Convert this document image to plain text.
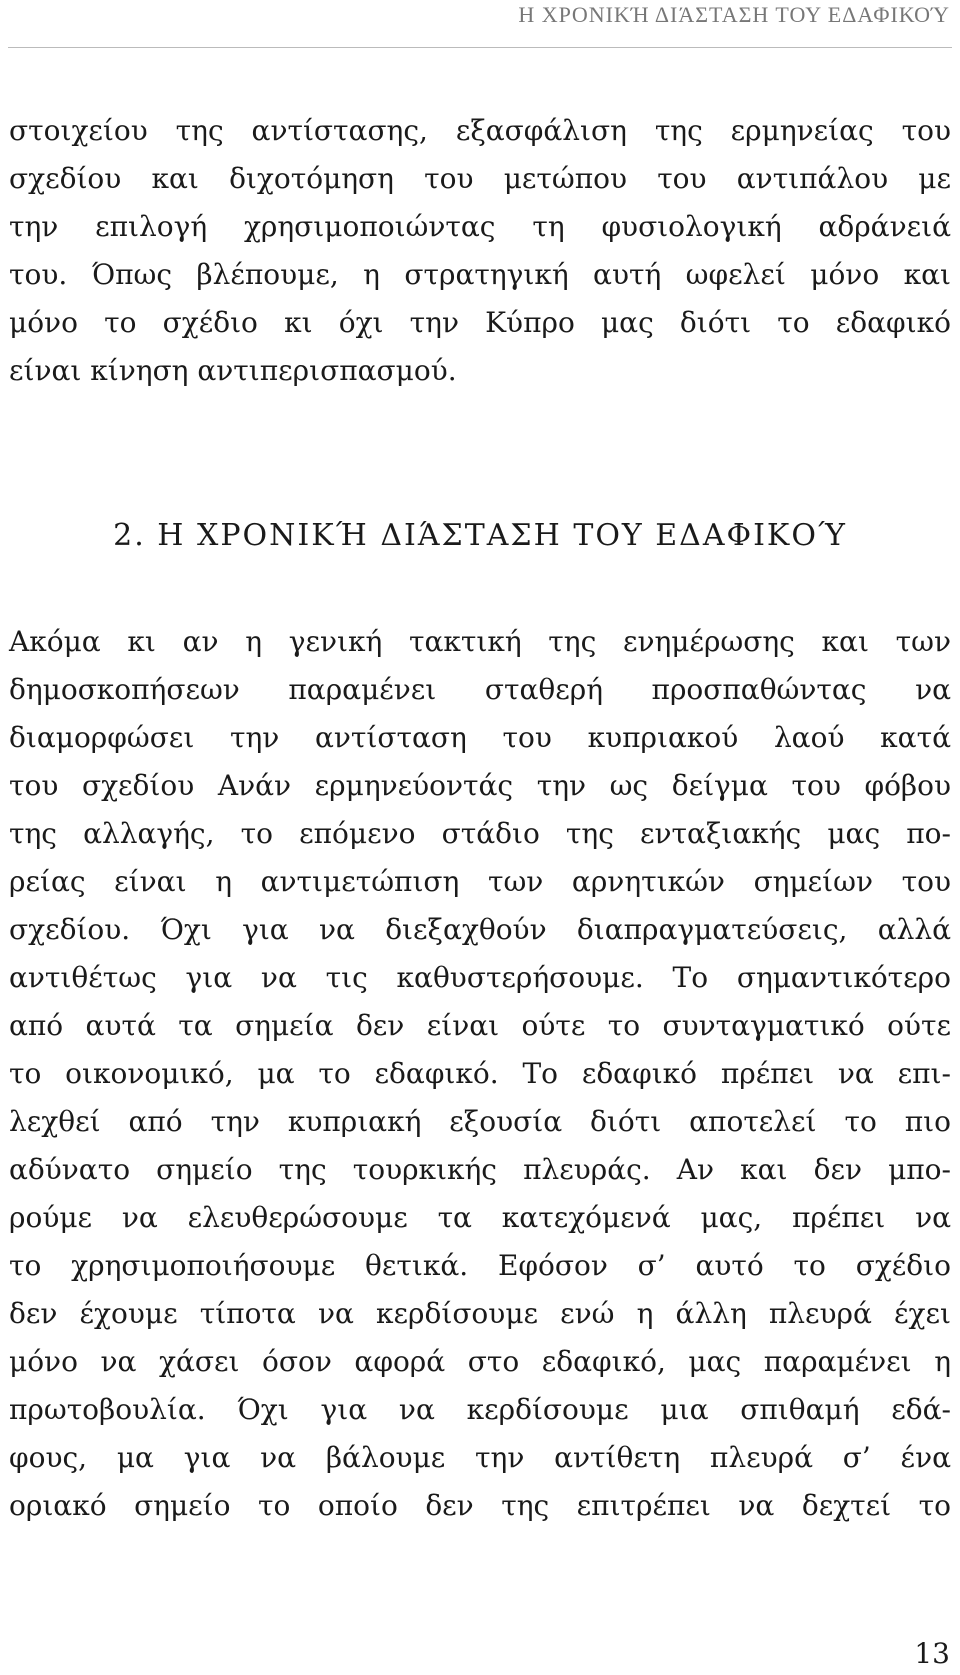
Η ΧΡΟΝΙΚΉ ΔΙΆΣΤΑΣΗ ΤΟΥ ΕΔΑΦΙΚΟΎ
στοιχείου της αντίστασης, εξασφάλιση της ερμηνείας του
σχεδίου και διχοτόμηση του μετώπου του αντιπάλου με
την επιλογή χρησιμοποιώντας τη φυσιολογική αδράνειά
του. Όπως βλέπουμε, η στρατηγική αυτή ωφελεί μόνο και
μόνο το σχέδιο κι όχι την Κύπρο μας διότι το εδαφικό
είναι κίνηση αντιπερισπασμού.
2. Η ΧΡΟΝΙΚΉ ΔΙΆΣΤΑΣΗ ΤΟΥ ΕΔΑΦΙΚΟΎ
Ακόμα κι αν η γενική τακτική της ενημέρωσης και των
δημοσκοπήσεων παραμένει σταθερή προσπαθώντας να
διαμορφώσει την αντίσταση του κυπριακού λαού κατά
του σχεδίου Ανάν ερμηνεύοντάς την ως δείγμα του φόβου
της αλλαγής, το επόμενο στάδιο της ενταξιακής μας πο-
ρείας είναι η αντιμετώπιση των αρνητικών σημείων του
σχεδίου. Όχι για να διεξαχθούν διαπραγματεύσεις, αλλά
αντιθέτως για να τις καθυστερήσουμε. Το σημαντικότερο
από αυτά τα σημεία δεν είναι ούτε το συνταγματικό ούτε
το οικονομικό, μα το εδαφικό. Το εδαφικό πρέπει να επι-
λεχθεί από την κυπριακή εξουσία διότι αποτελεί το πιο
αδύνατο σημείο της τουρκικής πλευράς. Αν και δεν μπο-
ρούμε να ελευθερώσουμε τα κατεχόμενά μας, πρέπει να
το χρησιμοποιήσουμε θετικά. Εφόσον σ’ αυτό το σχέδιο
δεν έχουμε τίποτα να κερδίσουμε ενώ η άλλη πλευρά έχει
μόνο να χάσει όσον αφορά στο εδαφικό, μας παραμένει η
πρωτοβουλία. Όχι για να κερδίσουμε μια σπιθαμή εδά-
φους, μα για να βάλουμε την αντίθετη πλευρά σ’ ένα
οριακό σημείο το οποίο δεν της επιτρέπει να δεχτεί το
13
